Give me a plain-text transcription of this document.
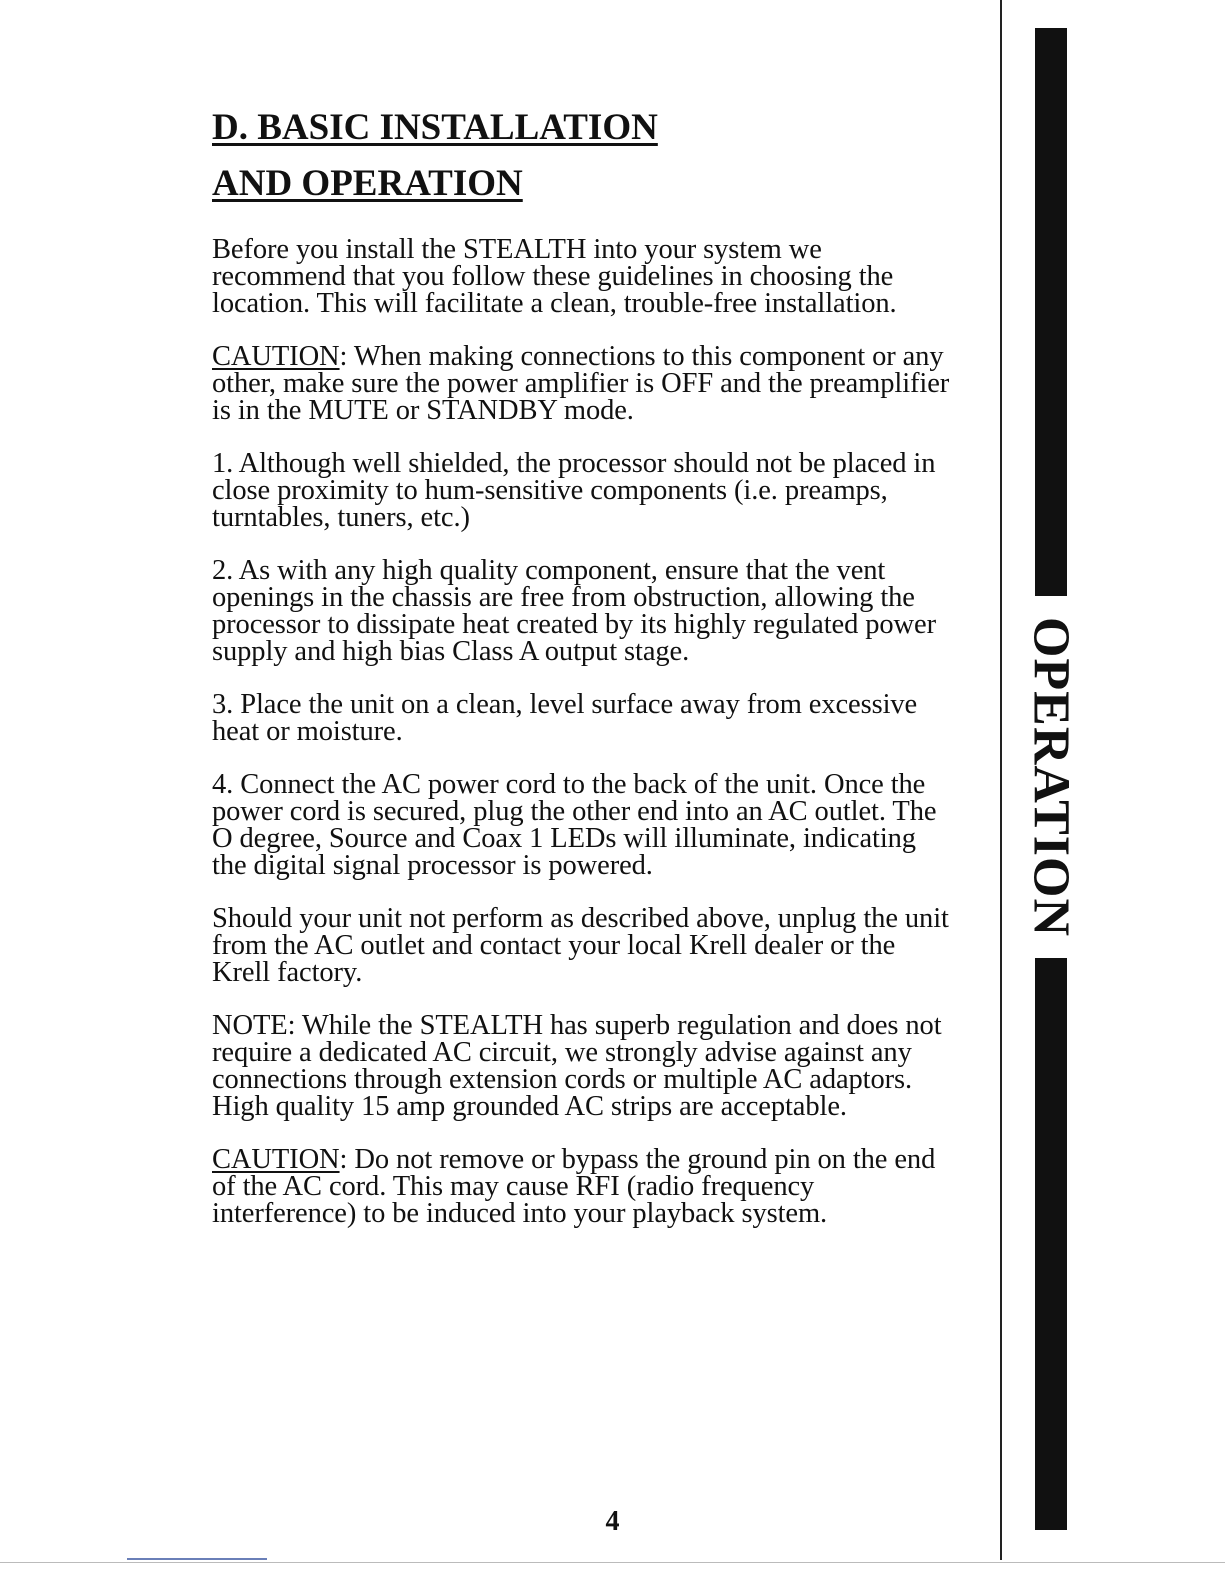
D. BASIC INSTALLATION
AND OPERATION

Before you install the STEALTH into your system we recommend that you follow these guidelines in choosing the location. This will facilitate a clean, trouble-free installation.

CAUTION: When making connections to this component or any other, make sure the power amplifier is OFF and the preamplifier is in the MUTE or STANDBY mode.

1. Although well shielded, the processor should not be placed in close proximity to hum-sensitive components (i.e. preamps, turntables, tuners, etc.)

2. As with any high quality component, ensure that the vent openings in the chassis are free from obstruction, allowing the processor to dissipate heat created by its highly regulated power supply and high bias Class A output stage.

3. Place the unit on a clean, level surface away from excessive heat or moisture.

4. Connect the AC power cord to the back of the unit. Once the power cord is secured, plug the other end into an AC outlet. The O degree, Source and Coax 1 LEDs will illuminate, indicating the digital signal processor is powered.

Should your unit not perform as described above, unplug the unit from the AC outlet and contact your local Krell dealer or the Krell factory.

NOTE: While the STEALTH has superb regulation and does not require a dedicated AC circuit, we strongly advise against any connections through extension cords or multiple AC adaptors. High quality 15 amp grounded AC strips are acceptable.

CAUTION: Do not remove or bypass the ground pin on the end of the AC cord. This may cause RFI (radio frequency interference) to be induced into your playback system.

OPERATION
4
